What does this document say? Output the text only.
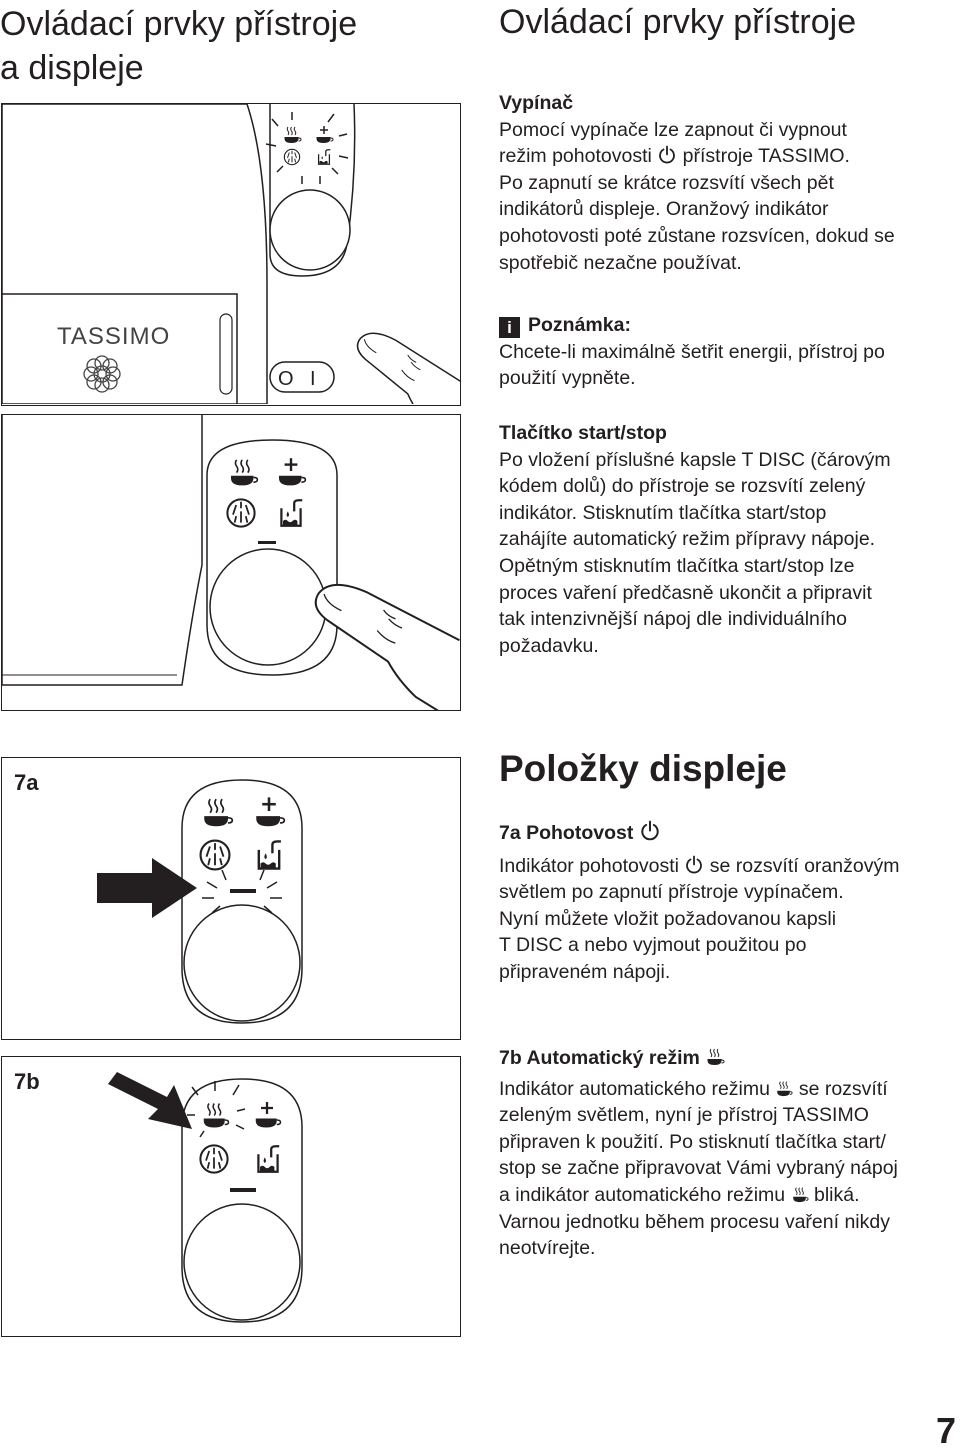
Ovládací prvky přístroje
a displeje
Ovládací prvky přístroje
TASSIMO
O I

Vypínač

Pomocí vypínače lze zapnout či vypnout

režim pohotovosti přístroje TASSIMO.

Po zapnutí se krátce rozsvítí všech pět

indikátorů displeje. Oranžový indikátor

pohotovosti poté zůstane rozsvícen, dokud se

spotřebič nezačne používat.

i Poznámka:

Chcete-li maximálně šetřit energii, přístroj po

použití vypněte.

Tlačítko start/stop

Po vložení příslušné kapsle T DISC (čárovým

kódem dolů) do přístroje se rozsvítí zelený

indikátor. Stisknutím tlačítka start/stop

zahájíte automatický režim přípravy nápoje.

Opětným stisknutím tlačítka start/stop lze

proces vaření předčasně ukončit a připravit

tak intenzivnější nápoj dle individuálního

požadavku.

7a
7b
Položky displeje

7a Pohotovost

Indikátor pohotovosti se rozsvítí oranžovým

světlem po zapnutí přístroje vypínačem.

Nyní můžete vložit požadovanou kapsli

T DISC a nebo vyjmout použitou po

připraveném nápoji.

7b Automatický režim

Indikátor automatického režimu se rozsvítí

zeleným světlem, nyní je přístroj TASSIMO

připraven k použití. Po stisknutí tlačítka start/

stop se začne připravovat Vámi vybraný nápoj

a indikátor automatického režimu bliká.

Varnou jednotku během procesu vaření nikdy

neotvírejte.

7
